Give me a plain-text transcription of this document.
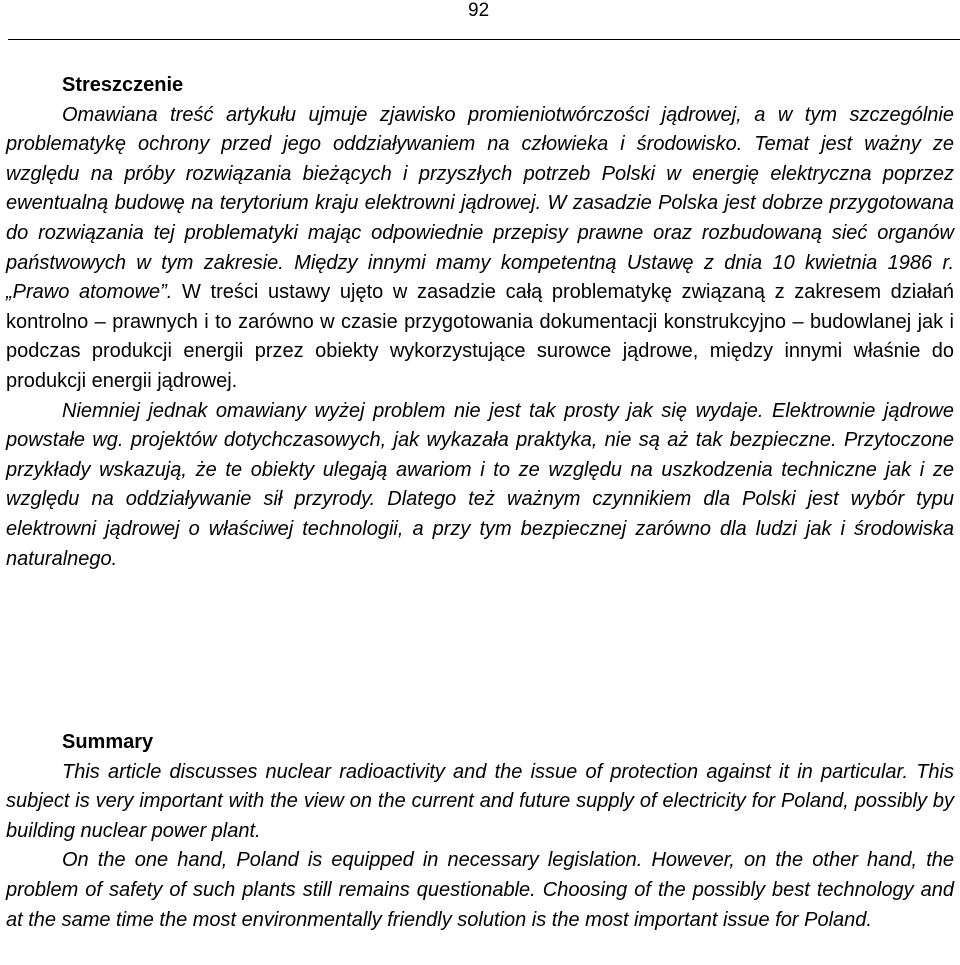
92
Streszczenie

Omawiana treść artykułu ujmuje zjawisko promieniotwórczości jądrowej, a w tym szczególnie problematykę ochrony przed jego oddziaływaniem na człowieka i środowisko. Temat jest ważny ze względu na próby rozwiązania bieżących i przyszłych potrzeb Polski w energię elektryczna poprzez ewentualną budowę na terytorium kraju elektrowni jądrowej. W zasadzie Polska jest dobrze przygotowana do rozwiązania tej problematyki mając odpowiednie przepisy prawne oraz rozbudowaną sieć organów państwowych w tym zakresie. Między innymi mamy kompetentną Ustawę z dnia 10 kwietnia 1986 r. „Prawo atomowe”. W treści ustawy ujęto w zasadzie całą problematykę związaną z zakresem działań kontrolno – prawnych i to zarówno w czasie przygotowania dokumentacji konstrukcyjno – budowlanej jak i podczas produkcji energii przez obiekty wykorzystujące surowce jądrowe, między innymi właśnie do produkcji energii jądrowej.

Niemniej jednak omawiany wyżej problem nie jest tak prosty jak się wydaje. Elektrownie jądrowe powstałe wg. projektów dotychczasowych, jak wykazała praktyka, nie są aż tak bezpieczne. Przytoczone przykłady wskazują, że te obiekty ulegają awariom i to ze względu na uszkodzenia techniczne jak i ze względu na oddziaływanie sił przyrody. Dlatego też ważnym czynnikiem dla Polski jest wybór typu elektrowni jądrowej o właściwej technologii, a przy tym bezpiecznej zarówno dla ludzi jak i środowiska naturalnego.

Summary

This article discusses nuclear radioactivity and the issue of protection against it in particular. This subject is very important with the view on the current and future supply of electricity for Poland, possibly by building nuclear power plant.

On the one hand, Poland is equipped in necessary legislation. However, on the other hand, the problem of safety of such plants still remains questionable. Choosing of the possibly best technology and at the same time the most environmentally friendly solution is the most important issue for Poland.
